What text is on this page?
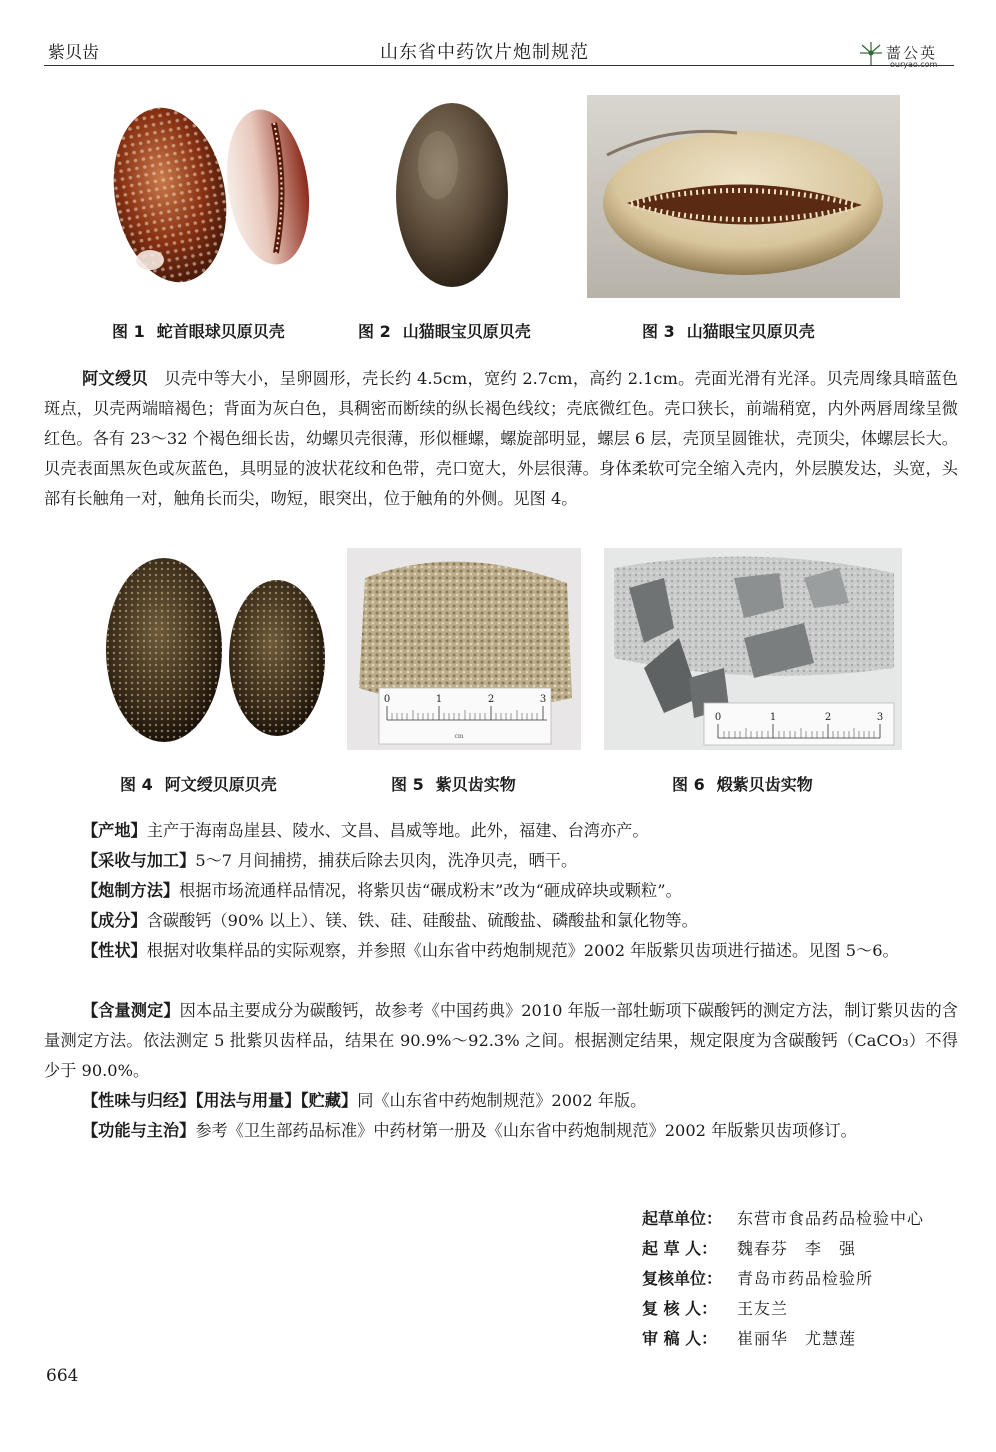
紫贝齿	山东省中药饮片炮制规范	蔷公英
ouryao.com
图 1 蛇首眼球贝原贝壳	图 2 山猫眼宝贝原贝壳	图 3 山猫眼宝贝原贝壳
阿文绶贝　 贝壳中等大小，呈卵圆形，壳长约 4.5cm，宽约 2.7cm，高约 2.1cm。壳面光滑有光泽。贝壳周缘具暗蓝色斑点，贝壳两端暗褐色；背面为灰白色，具稠密而断续的纵长褐色线纹；壳底微红色。壳口狭长，前端稍宽，内外两唇周缘呈微红色。各有 23～32 个褐色细长齿，幼螺贝壳很薄，形似榧螺，螺旋部明显，螺层 6 层，壳顶呈圆锥状，壳顶尖，体螺层长大。贝壳表面黑灰色或灰蓝色，具明显的波状花纹和色带，壳口宽大，外层很薄。身体柔软可完全缩入壳内，外层膜发达，头宽，头部有长触角一对，触角长而尖，吻短，眼突出，位于触角的外侧。见图 4。
图 4 阿文绶贝原贝壳
0	1	2	3
cm
图 5 紫贝齿实物
0	1	2	3
图 6 煅紫贝齿实物
【产地】主产于海南岛崖县、陵水、文昌、昌威等地。此外，福建、台湾亦产。
【采收与加工】5～7 月间捕捞，捕获后除去贝肉，洗净贝壳，晒干。
【炮制方法】根据市场流通样品情况，将紫贝齿“碾成粉末”改为“砸成碎块或颗粒”。
【成分】含碳酸钙（90% 以上）、镁、铁、硅、硅酸盐、硫酸盐、磷酸盐和氯化物等。
【性状】根据对收集样品的实际观察，并参照《山东省中药炮制规范》2002 年版紫贝齿项进行描述。见图 5～6。
【含量测定】因本品主要成分为碳酸钙，故参考《中国药典》2010 年版一部牡蛎项下碳酸钙的测定方法，制订紫贝齿的含量测定方法。依法测定 5 批紫贝齿样品，结果在 90.9%～92.3% 之间。根据测定结果，规定限度为含碳酸钙（CaCO₃）不得少于 90.0%。
【性味与归经】【用法与用量】【贮藏】同《山东省中药炮制规范》2002 年版。
【功能与主治】参考《卫生部药品标准》中药材第一册及《山东省中药炮制规范》2002 年版紫贝齿项修订。
起草单位： 东营市食品药品检验中心
起 草 人： 魏春芬　李　强
复核单位： 青岛市药品检验所
复 核 人： 王友兰
审 稿 人： 崔丽华　尤慧莲
664
